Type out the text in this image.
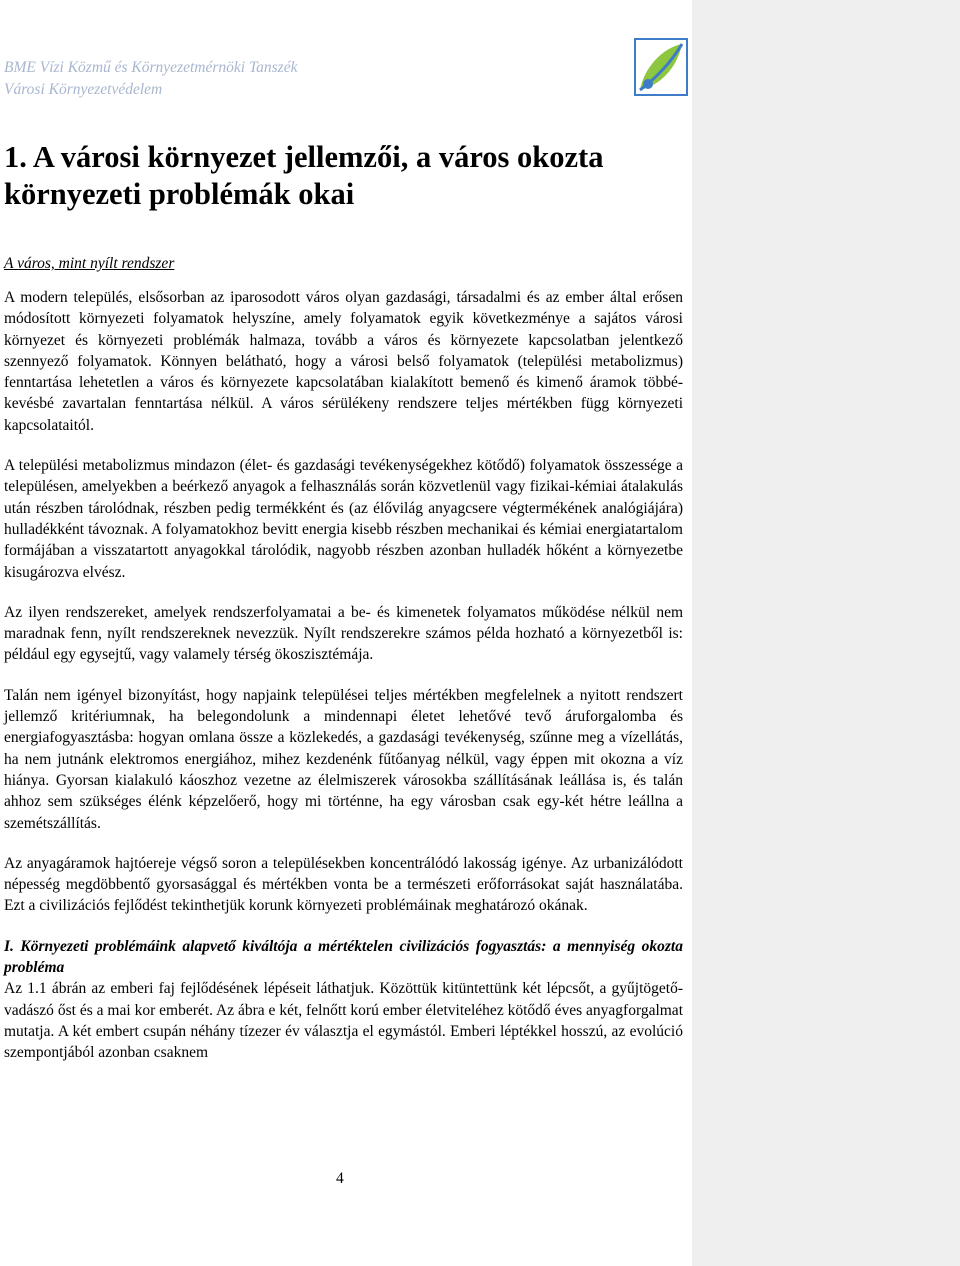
BME Vízi Közmű és Környezetmérnöki Tanszék
Városi Környezetvédelem
1. A városi környezet jellemzői, a város okozta környezeti problémák okai

A város, mint nyílt rendszer

A modern település, elsősorban az iparosodott város olyan gazdasági, társadalmi és az ember által erősen módosított környezeti folyamatok helyszíne, amely folyamatok egyik következménye a sajátos városi környezet és környezeti problémák halmaza, tovább a város és környezete kapcsolatban jelentkező szennyező folyamatok. Könnyen belátható, hogy a városi belső folyamatok (települési metabolizmus) fenntartása lehetetlen a város és környezete kapcsolatában kialakított bemenő és kimenő áramok többé-kevésbé zavartalan fenntartása nélkül. A város sérülékeny rendszere teljes mértékben függ környezeti kapcsolataitól.

A települési metabolizmus mindazon (élet- és gazdasági tevékenységekhez kötődő) folyamatok összessége a településen, amelyekben a beérkező anyagok a felhasználás során közvetlenül vagy fizikai-kémiai átalakulás után részben tárolódnak, részben pedig termékként és (az élővilág anyagcsere végtermékének analógiájára) hulladékként távoznak. A folyamatokhoz bevitt energia kisebb részben mechanikai és kémiai energiatartalom formájában a visszatartott anyagokkal tárolódik, nagyobb részben azonban hulladék hőként a környezetbe kisugározva elvész.

Az ilyen rendszereket, amelyek rendszerfolyamatai a be- és kimenetek folyamatos működése nélkül nem maradnak fenn, nyílt rendszereknek nevezzük. Nyílt rendszerekre számos példa hozható a környezetből is: például egy egysejtű, vagy valamely térség ökoszisztémája.

Talán nem igényel bizonyítást, hogy napjaink települései teljes mértékben megfelelnek a nyitott rendszert jellemző kritériumnak, ha belegondolunk a mindennapi életet lehetővé tevő áruforgalomba és energiafogyasztásba: hogyan omlana össze a közlekedés, a gazdasági tevékenység, szűnne meg a vízellátás, ha nem jutnánk elektromos energiához, mihez kezdenénk fűtőanyag nélkül, vagy éppen mit okozna a víz hiánya. Gyorsan kialakuló káoszhoz vezetne az élelmiszerek városokba szállításának leállása is, és talán ahhoz sem szükséges élénk képzelőerő, hogy mi történne, ha egy városban csak egy-két hétre leállna a szemétszállítás.

Az anyagáramok hajtóereje végső soron a településekben koncentrálódó lakosság igénye. Az urbanizálódott népesség megdöbbentő gyorsasággal és mértékben vonta be a természeti erőforrásokat saját használatába. Ezt a civilizációs fejlődést tekinthetjük korunk környezeti problémáinak meghatározó okának.

I. Környezeti problémáink alapvető kiváltója a mértéktelen civilizációs fogyasztás: a mennyiség okozta probléma

Az 1.1 ábrán az emberi faj fejlődésének lépéseit láthatjuk. Közöttük kitüntettünk két lépcsőt, a gyűjtögető-vadászó őst és a mai kor emberét. Az ábra e két, felnőtt korú ember életviteléhez kötődő éves anyagforgalmat mutatja. A két embert csupán néhány tízezer év választja el egymástól. Emberi léptékkel hosszú, az evolúció szempontjából azonban csaknem

4
